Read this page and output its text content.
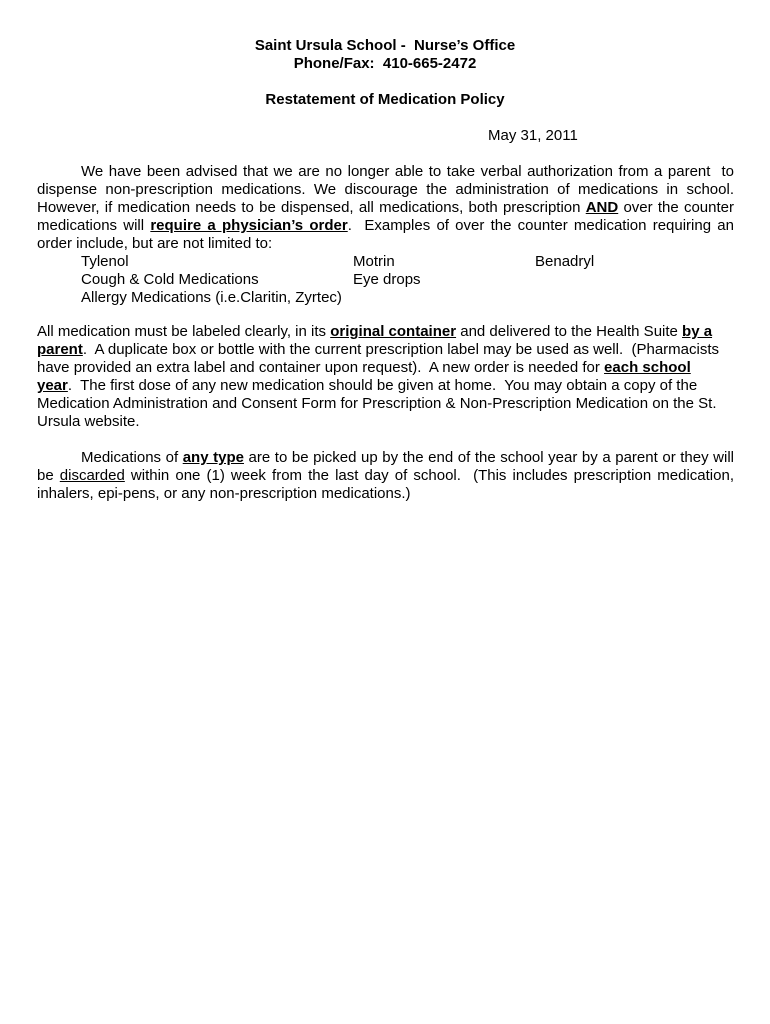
Saint Ursula School -  Nurse’s Office
Phone/Fax:  410-665-2472
Restatement of Medication Policy
May 31, 2011
We have been advised that we are no longer able to take verbal authorization from a parent  to
dispense non-prescription medications. We discourage the administration of medications in school.
However, if medication needs to be dispensed, all medications, both prescription AND over the counter
medications will require a physician’s order.  Examples of over the counter medication requiring an
order include, but are not limited to:
Tylenol
Cough & Cold Medications
Allergy Medications (i.e.Claritin, Zyrtec)
Motrin
Eye drops
Benadryl
All medication must be labeled clearly, in its original container and delivered to the Health Suite by a
parent.  A duplicate box or bottle with the current prescription label may be used as well.  (Pharmacists
have provided an extra label and container upon request).  A new order is needed for each school
year.  The first dose of any new medication should be given at home.  You may obtain a copy of the
Medication Administration and Consent Form for Prescription & Non-Prescription Medication on the St.
Ursula website.
Medications of any type are to be picked up by the end of the school year by a parent or they will
be discarded within one (1) week from the last day of school.  (This includes prescription medication,
inhalers, epi-pens, or any non-prescription medications.)
